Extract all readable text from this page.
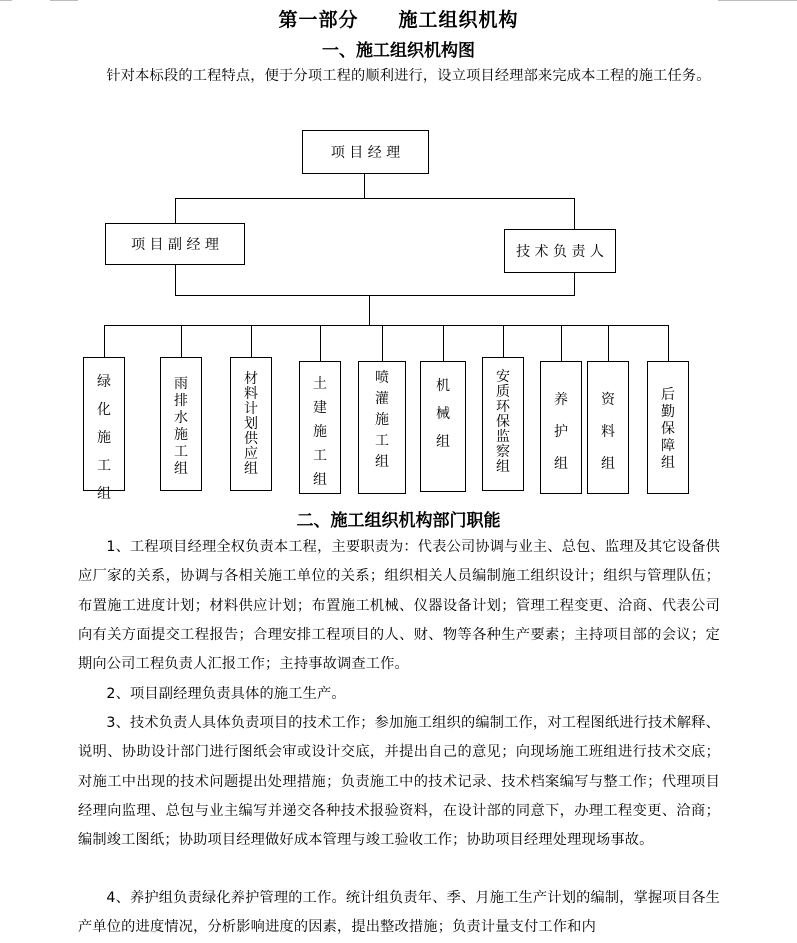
第一部分　　施工组织机构
一、施工组织机构图
针对本标段的工程特点，便于分项工程的顺利进行，设立项目经理部来完成本工程的施工任务。
项 目 经 理
项 目 副 经 理	技 术 负 责 人
绿
化
施
工
组
雨
排
水
施
工
组
材
料
计
划
供
应
组
土
建
施
工
组
喷
灌
施
工
组
机
械
组
安
质
环
保
监
察
组
养
护
组
资
料
组
后
勤
保
障
组
二、施工组织机构部门职能
1、工程项目经理全权负责本工程，主要职责为：代表公司协调与业主、总包、监理及其它设备供应厂家的关系，协调与各相关施工单位的关系；组织相关人员编制施工组织设计；组织与管理队伍；布置施工进度计划；材料供应计划；布置施工机械、仪器设备计划；管理工程变更、洽商、代表公司向有关方面提交工程报告；合理安排工程项目的人、财、物等各种生产要素；主持项目部的会议；定期向公司工程负责人汇报工作；主持事故调查工作。
2、项目副经理负责具体的施工生产。
3、技术负责人具体负责项目的技术工作；参加施工组织的编制工作，对工程图纸进行技术解释、说明、协助设计部门进行图纸会审或设计交底，并提出自己的意见；向现场施工班组进行技术交底；对施工中出现的技术问题提出处理措施；负责施工中的技术记录、技术档案编写与整工作；代理项目经理向监理、总包与业主编写并递交各种技术报验资料，在设计部的同意下，办理工程变更、洽商；编制竣工图纸；协助项目经理做好成本管理与竣工验收工作；协助项目经理处理现场事故。
4、养护组负责绿化养护管理的工作。统计组负责年、季、月施工生产计划的编制，掌握项目各生产单位的进度情况，分析影响进度的因素，提出整改措施；负责计量支付工作和内
